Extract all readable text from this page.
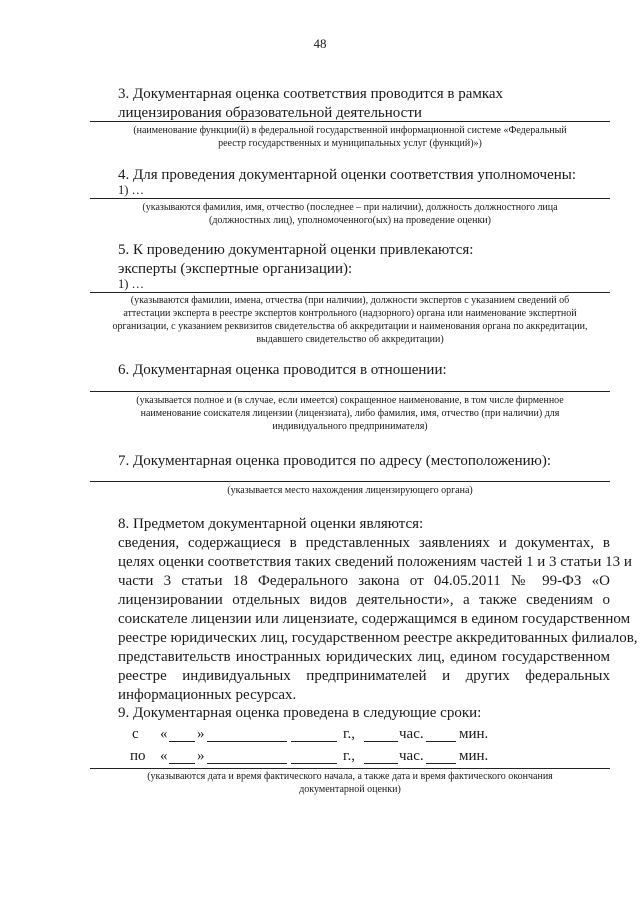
48
3. Документарная оценка соответствия проводится в рамках
лицензирования образовательной деятельности
(наименование функции(й) в федеральной государственной информационной системе «Федеральный
реестр государственных и муниципальных услуг (функций)»)
4. Для проведения документарной оценки соответствия уполномочены:
1) …
(указываются фамилия, имя, отчество (последнее – при наличии), должность должностного лица
(должностных лиц), уполномоченного(ых) на проведение оценки)
5. К проведению документарной оценки привлекаются:
эксперты (экспертные организации):
1) …
(указываются фамилии, имена, отчества (при наличии), должности экспертов с указанием сведений об
аттестации эксперта в реестре экспертов контрольного (надзорного) органа или наименование экспертной
организации, с указанием реквизитов свидетельства об аккредитации и наименования органа по аккредитации,
выдавшего свидетельство об аккредитации)
6. Документарная оценка проводится в отношении:
(указывается полное и (в случае, если имеется) сокращенное наименование, в том числе фирменное
наименование соискателя лицензии (лицензиата), либо фамилия, имя, отчество (при наличии) для
индивидуального предпринимателя)
7. Документарная оценка проводится по адресу (местоположению):
(указывается место нахождения лицензирующего органа)
8. Предметом документарной оценки являются:
сведения, содержащиеся в представленных заявлениях и документах, в
целях оценки соответствия таких сведений положениям частей 1 и 3 статьи 13 и
части 3 статьи 18 Федерального закона от 04.05.2011 № 99-ФЗ «О
лицензировании отдельных видов деятельности», а также сведениям о
соискателе лицензии или лицензиате, содержащимся в едином государственном
реестре юридических лиц, государственном реестре аккредитованных филиалов,
представительств иностранных юридических лиц, едином государственном
реестре индивидуальных предпринимателей и других федеральных
информационных ресурсах.
9. Документарная оценка проведена в следующие сроки:
с « »	г.,	час. мин.
по « »	г.,	час. мин.
(указываются дата и время фактического начала, а также дата и время фактического окончания
документарной оценки)
